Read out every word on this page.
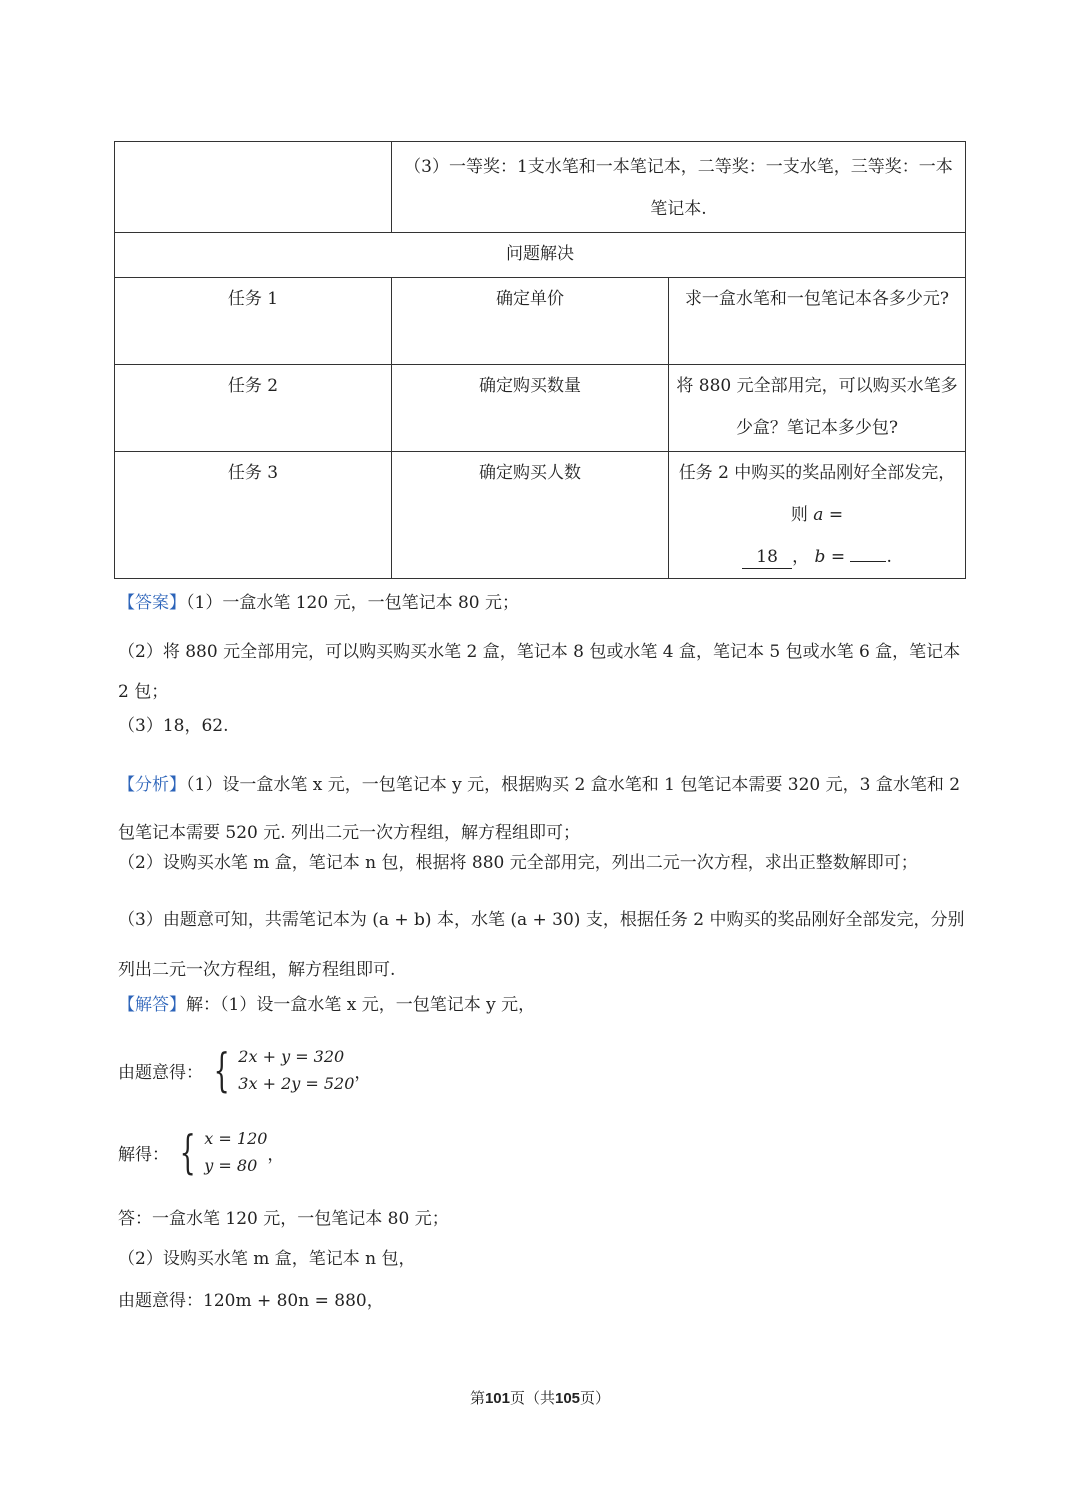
	（3）一等奖：1支水笔和一本笔记本，二等奖：一支水笔，三等奖：一本笔记本.	
问题解决		
任务 1	确定单价	求一盒水笔和一包笔记本各多少元?
任务 2	确定购买数量	将 880 元全部用完，可以购买水笔多少盒？笔记本多少包?
任务 3	确定购买人数	任务 2 中购买的奖品刚好全部发完，则 a =
18 ， b = .

【答案】（1）一盒水笔 120 元，一包笔记本 80 元；

（2）将 880 元全部用完，可以购买购买水笔 2 盒，笔记本 8 包或水笔 4 盒，笔记本 5 包或水笔 6 盒，笔记本 2 包；

（3）18，62.

【分析】（1）设一盒水笔 x 元，一包笔记本 y 元，根据购买 2 盒水笔和 1 包笔记本需要 320 元，3 盒水笔和 2 包笔记本需要 520 元. 列出二元一次方程组，解方程组即可；

（2）设购买水笔 m 盒，笔记本 n 包，根据将 880 元全部用完，列出二元一次方程，求出正整数解即可；

（3）由题意可知，共需笔记本为 (a + b) 本，水笔 (a + 30) 支，根据任务 2 中购买的奖品刚好全部发完，分别列出二元一次方程组，解方程组即可.

【解答】解：（1）设一盒水笔 x 元，一包笔记本 y 元，

由题意得： { 2x + y = 320
3x + 2y = 520
，
解得： { x = 120
y = 80
，

答：一盒水笔 120 元，一包笔记本 80 元；

（2）设购买水笔 m 盒，笔记本 n 包，

由题意得：120m + 80n = 880，

第101页（共105页）
